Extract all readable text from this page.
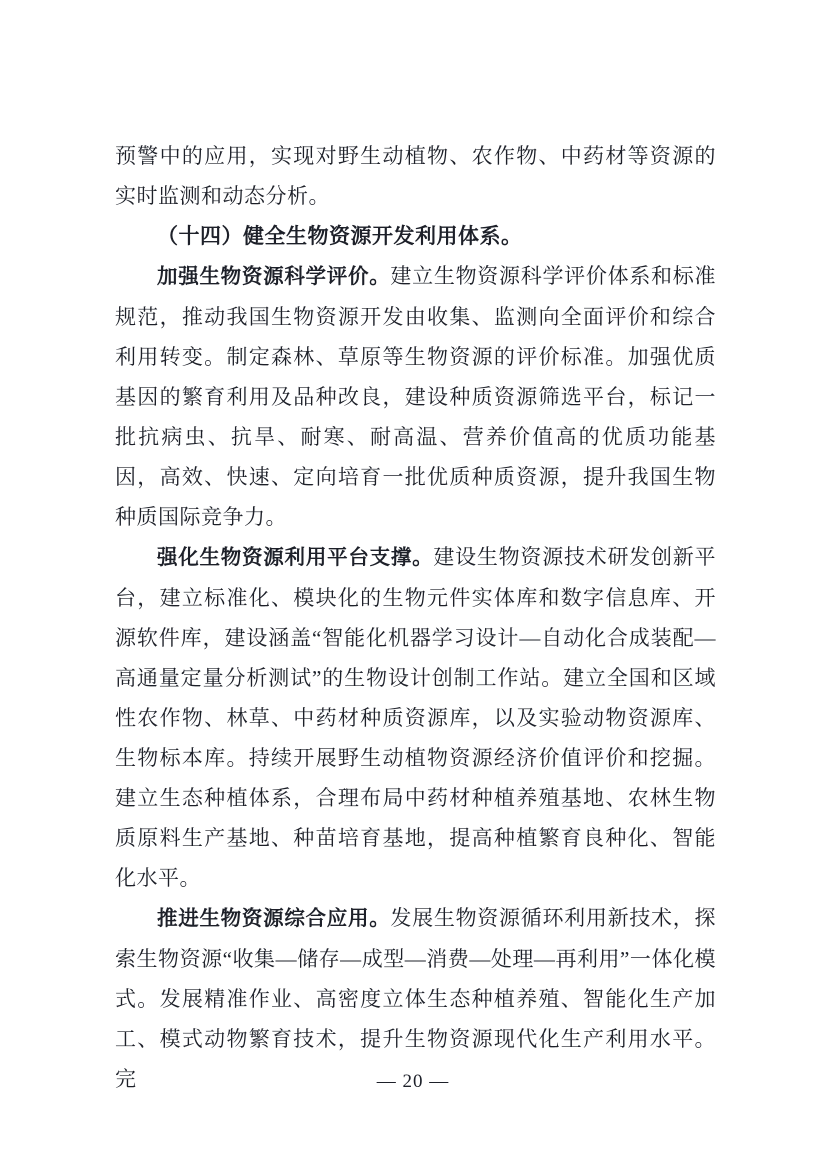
预警中的应用，实现对野生动植物、农作物、中药材等资源的实时监测和动态分析。

（十四）健全生物资源开发利用体系。

加强生物资源科学评价。建立生物资源科学评价体系和标准规范，推动我国生物资源开发由收集、监测向全面评价和综合利用转变。制定森林、草原等生物资源的评价标准。加强优质基因的繁育利用及品种改良，建设种质资源筛选平台，标记一批抗病虫、抗旱、耐寒、耐高温、营养价值高的优质功能基因，高效、快速、定向培育一批优质种质资源，提升我国生物种质国际竞争力。

强化生物资源利用平台支撑。建设生物资源技术研发创新平台，建立标准化、模块化的生物元件实体库和数字信息库、开源软件库，建设涵盖“智能化机器学习设计—自动化合成装配—高通量定量分析测试”的生物设计创制工作站。建立全国和区域性农作物、林草、中药材种质资源库，以及实验动物资源库、生物标本库。持续开展野生动植物资源经济价值评价和挖掘。建立生态种植体系，合理布局中药材种植养殖基地、农林生物质原料生产基地、种苗培育基地，提高种植繁育良种化、智能化水平。

推进生物资源综合应用。发展生物资源循环利用新技术，探索生物资源“收集—储存—成型—消费—处理—再利用”一体化模式。发展精准作业、高密度立体生态种植养殖、智能化生产加工、模式动物繁育技术，提升生物资源现代化生产利用水平。完	— 20 —
